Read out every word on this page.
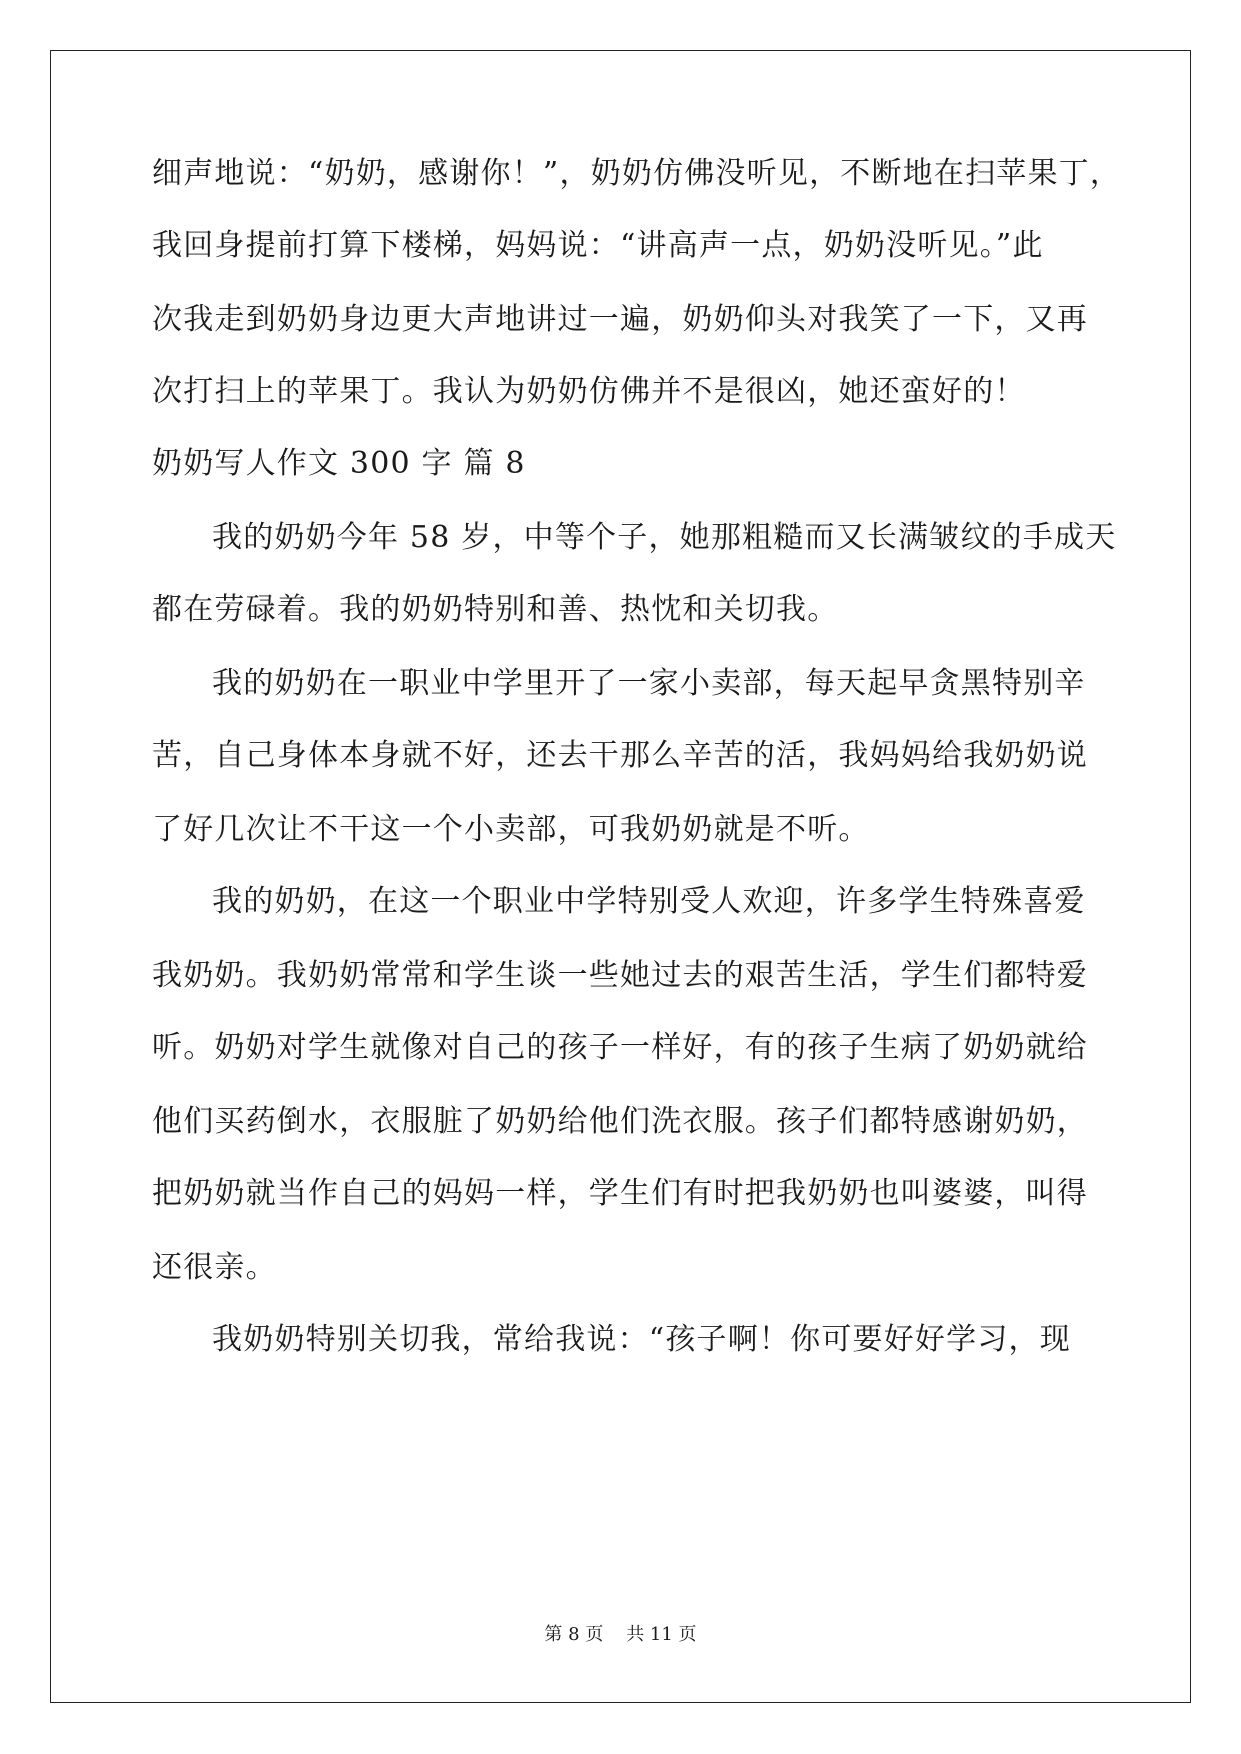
细声地说：“奶奶，感谢你！”，奶奶仿佛没听见，不断地在扫苹果丁，
我回身提前打算下楼梯，妈妈说：“讲高声一点，奶奶没听见。”此
次我走到奶奶身边更大声地讲过一遍，奶奶仰头对我笑了一下，又再
次打扫上的苹果丁。我认为奶奶仿佛并不是很凶，她还蛮好的！
奶奶写人作文 300 字 篇 8
我的奶奶今年 58 岁，中等个子，她那粗糙而又长满皱纹的手成天
都在劳碌着。我的奶奶特别和善、热忱和关切我。
我的奶奶在一职业中学里开了一家小卖部，每天起早贪黑特别辛
苦，自己身体本身就不好，还去干那么辛苦的活，我妈妈给我奶奶说
了好几次让不干这一个小卖部，可我奶奶就是不听。
我的奶奶，在这一个职业中学特别受人欢迎，许多学生特殊喜爱
我奶奶。我奶奶常常和学生谈一些她过去的艰苦生活，学生们都特爱
听。奶奶对学生就像对自己的孩子一样好，有的孩子生病了奶奶就给
他们买药倒水，衣服脏了奶奶给他们洗衣服。孩子们都特感谢奶奶，
把奶奶就当作自己的妈妈一样，学生们有时把我奶奶也叫婆婆，叫得
还很亲。
我奶奶特别关切我，常给我说：“孩子啊！你可要好好学习，现
第 8 页    共 11 页
